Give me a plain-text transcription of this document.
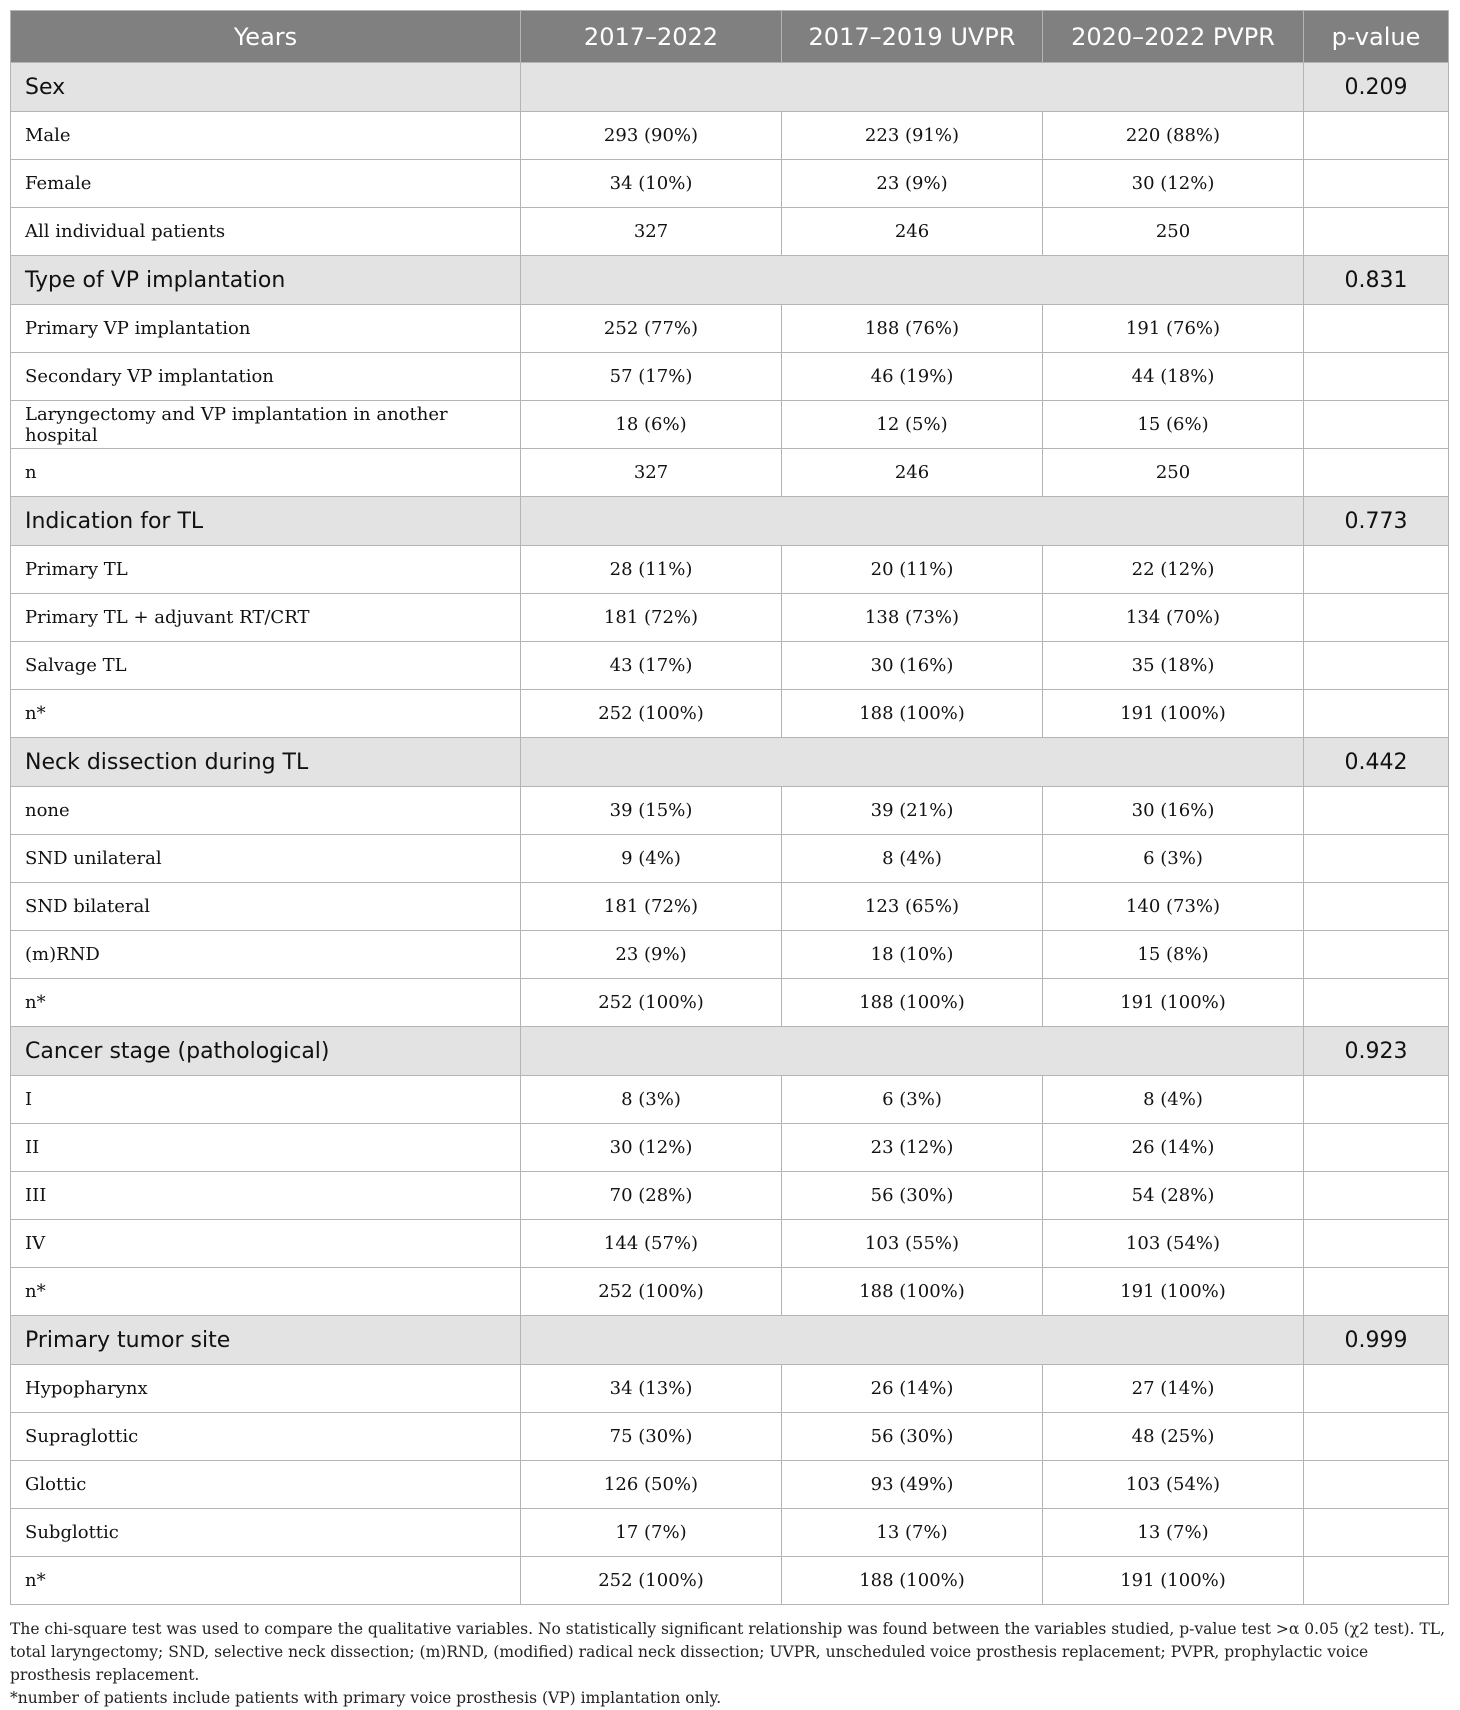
Years	2017–2022	2017–2019 UVPR	2020–2022 PVPR	p-value
Sex				0.209
Male	293 (90%)	223 (91%)	220 (88%)	
Female	34 (10%)	23 (9%)	30 (12%)	
All individual patients	327	246	250	
Type of VP implantation				0.831
Primary VP implantation	252 (77%)	188 (76%)	191 (76%)	
Secondary VP implantation	57 (17%)	46 (19%)	44 (18%)	
Laryngectomy and VP implantation in another hospital	18 (6%)	12 (5%)	15 (6%)	
n	327	246	250	
Indication for TL				0.773
Primary TL	28 (11%)	20 (11%)	22 (12%)	
Primary TL + adjuvant RT/CRT	181 (72%)	138 (73%)	134 (70%)	
Salvage TL	43 (17%)	30 (16%)	35 (18%)	
n*	252 (100%)	188 (100%)	191 (100%)	
Neck dissection during TL				0.442
none	39 (15%)	39 (21%)	30 (16%)	
SND unilateral	9 (4%)	8 (4%)	6 (3%)	
SND bilateral	181 (72%)	123 (65%)	140 (73%)	
(m)RND	23 (9%)	18 (10%)	15 (8%)	
n*	252 (100%)	188 (100%)	191 (100%)	
Cancer stage (pathological)				0.923
I	8 (3%)	6 (3%)	8 (4%)	
II	30 (12%)	23 (12%)	26 (14%)	
III	70 (28%)	56 (30%)	54 (28%)	
IV	144 (57%)	103 (55%)	103 (54%)	
n*	252 (100%)	188 (100%)	191 (100%)	
Primary tumor site				0.999
Hypopharynx	34 (13%)	26 (14%)	27 (14%)	
Supraglottic	75 (30%)	56 (30%)	48 (25%)	
Glottic	126 (50%)	93 (49%)	103 (54%)	
Subglottic	17 (7%)	13 (7%)	13 (7%)	
n*	252 (100%)	188 (100%)	191 (100%)	

The chi-square test was used to compare the qualitative variables. No statistically significant relationship was found between the variables studied, p-value test >α 0.05 (χ2 test). TL, total laryngectomy; SND, selective neck dissection; (m)RND, (modified) radical neck dissection; UVPR, unscheduled voice prosthesis replacement; PVPR, prophylactic voice prosthesis replacement.

*number of patients include patients with primary voice prosthesis (VP) implantation only.
